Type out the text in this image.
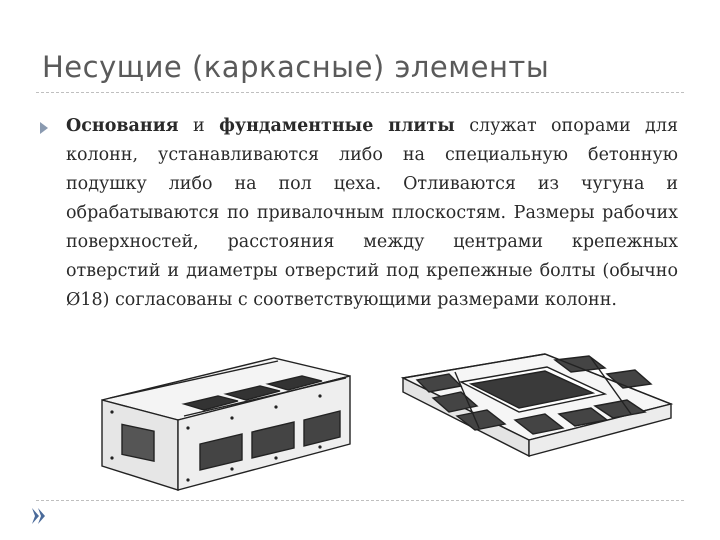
Несущие (каркасные) элементы
Основания и фундаментные плиты служат опорами для колонн, устанавливаются либо на специальную бетонную подушку либо на пол цеха. Отливаются из чугуна и обрабатываются по привалочным плоскостям. Размеры рабочих поверхностей, расстояния между центрами крепежных отверстий и диаметры отверстий под крепежные болты (обычно Ø18) согласованы с соответствующими размерами колонн.
